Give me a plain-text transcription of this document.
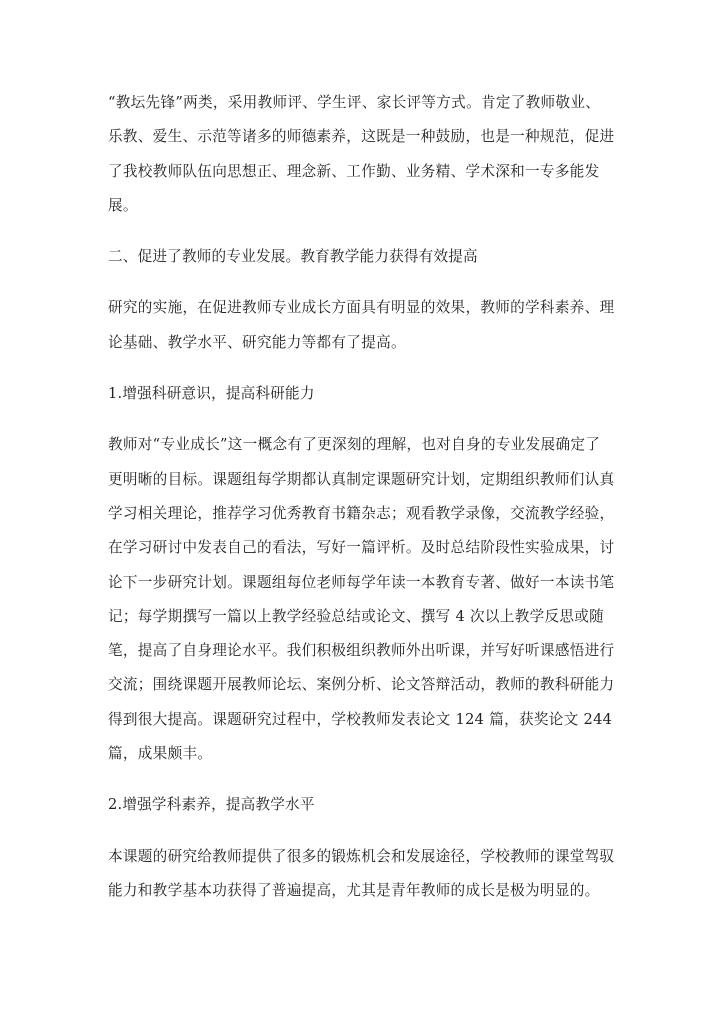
“教坛先锋”两类，采用教师评、学生评、家长评等方式。肯定了教师敬业、
乐教、爱生、示范等诸多的师德素养，这既是一种鼓励，也是一种规范，促进
了我校教师队伍向思想正、理念新、工作勤、业务精、学术深和一专多能发
展。
二、促进了教师的专业发展。教育教学能力获得有效提高
研究的实施，在促进教师专业成长方面具有明显的效果，教师的学科素养、理
论基础、教学水平、研究能力等都有了提高。
1.增强科研意识，提高科研能力
教师对“专业成长”这一概念有了更深刻的理解，也对自身的专业发展确定了
更明晰的目标。课题组每学期都认真制定课题研究计划，定期组织教师们认真
学习相关理论，推荐学习优秀教育书籍杂志；观看教学录像，交流教学经验，
在学习研讨中发表自己的看法，写好一篇评析。及时总结阶段性实验成果，讨
论下一步研究计划。课题组每位老师每学年读一本教育专著、做好一本读书笔
记；每学期撰写一篇以上教学经验总结或论文、撰写 4 次以上教学反思或随
笔，提高了自身理论水平。我们积极组织教师外出听课，并写好听课感悟进行
交流；围绕课题开展教师论坛、案例分析、论文答辩活动，教师的教科研能力
得到很大提高。课题研究过程中，学校教师发表论文 124 篇，获奖论文 244
篇，成果颇丰。
2.增强学科素养，提高教学水平
本课题的研究给教师提供了很多的锻炼机会和发展途径，学校教师的课堂驾驭
能力和教学基本功获得了普遍提高，尤其是青年教师的成长是极为明显的。
